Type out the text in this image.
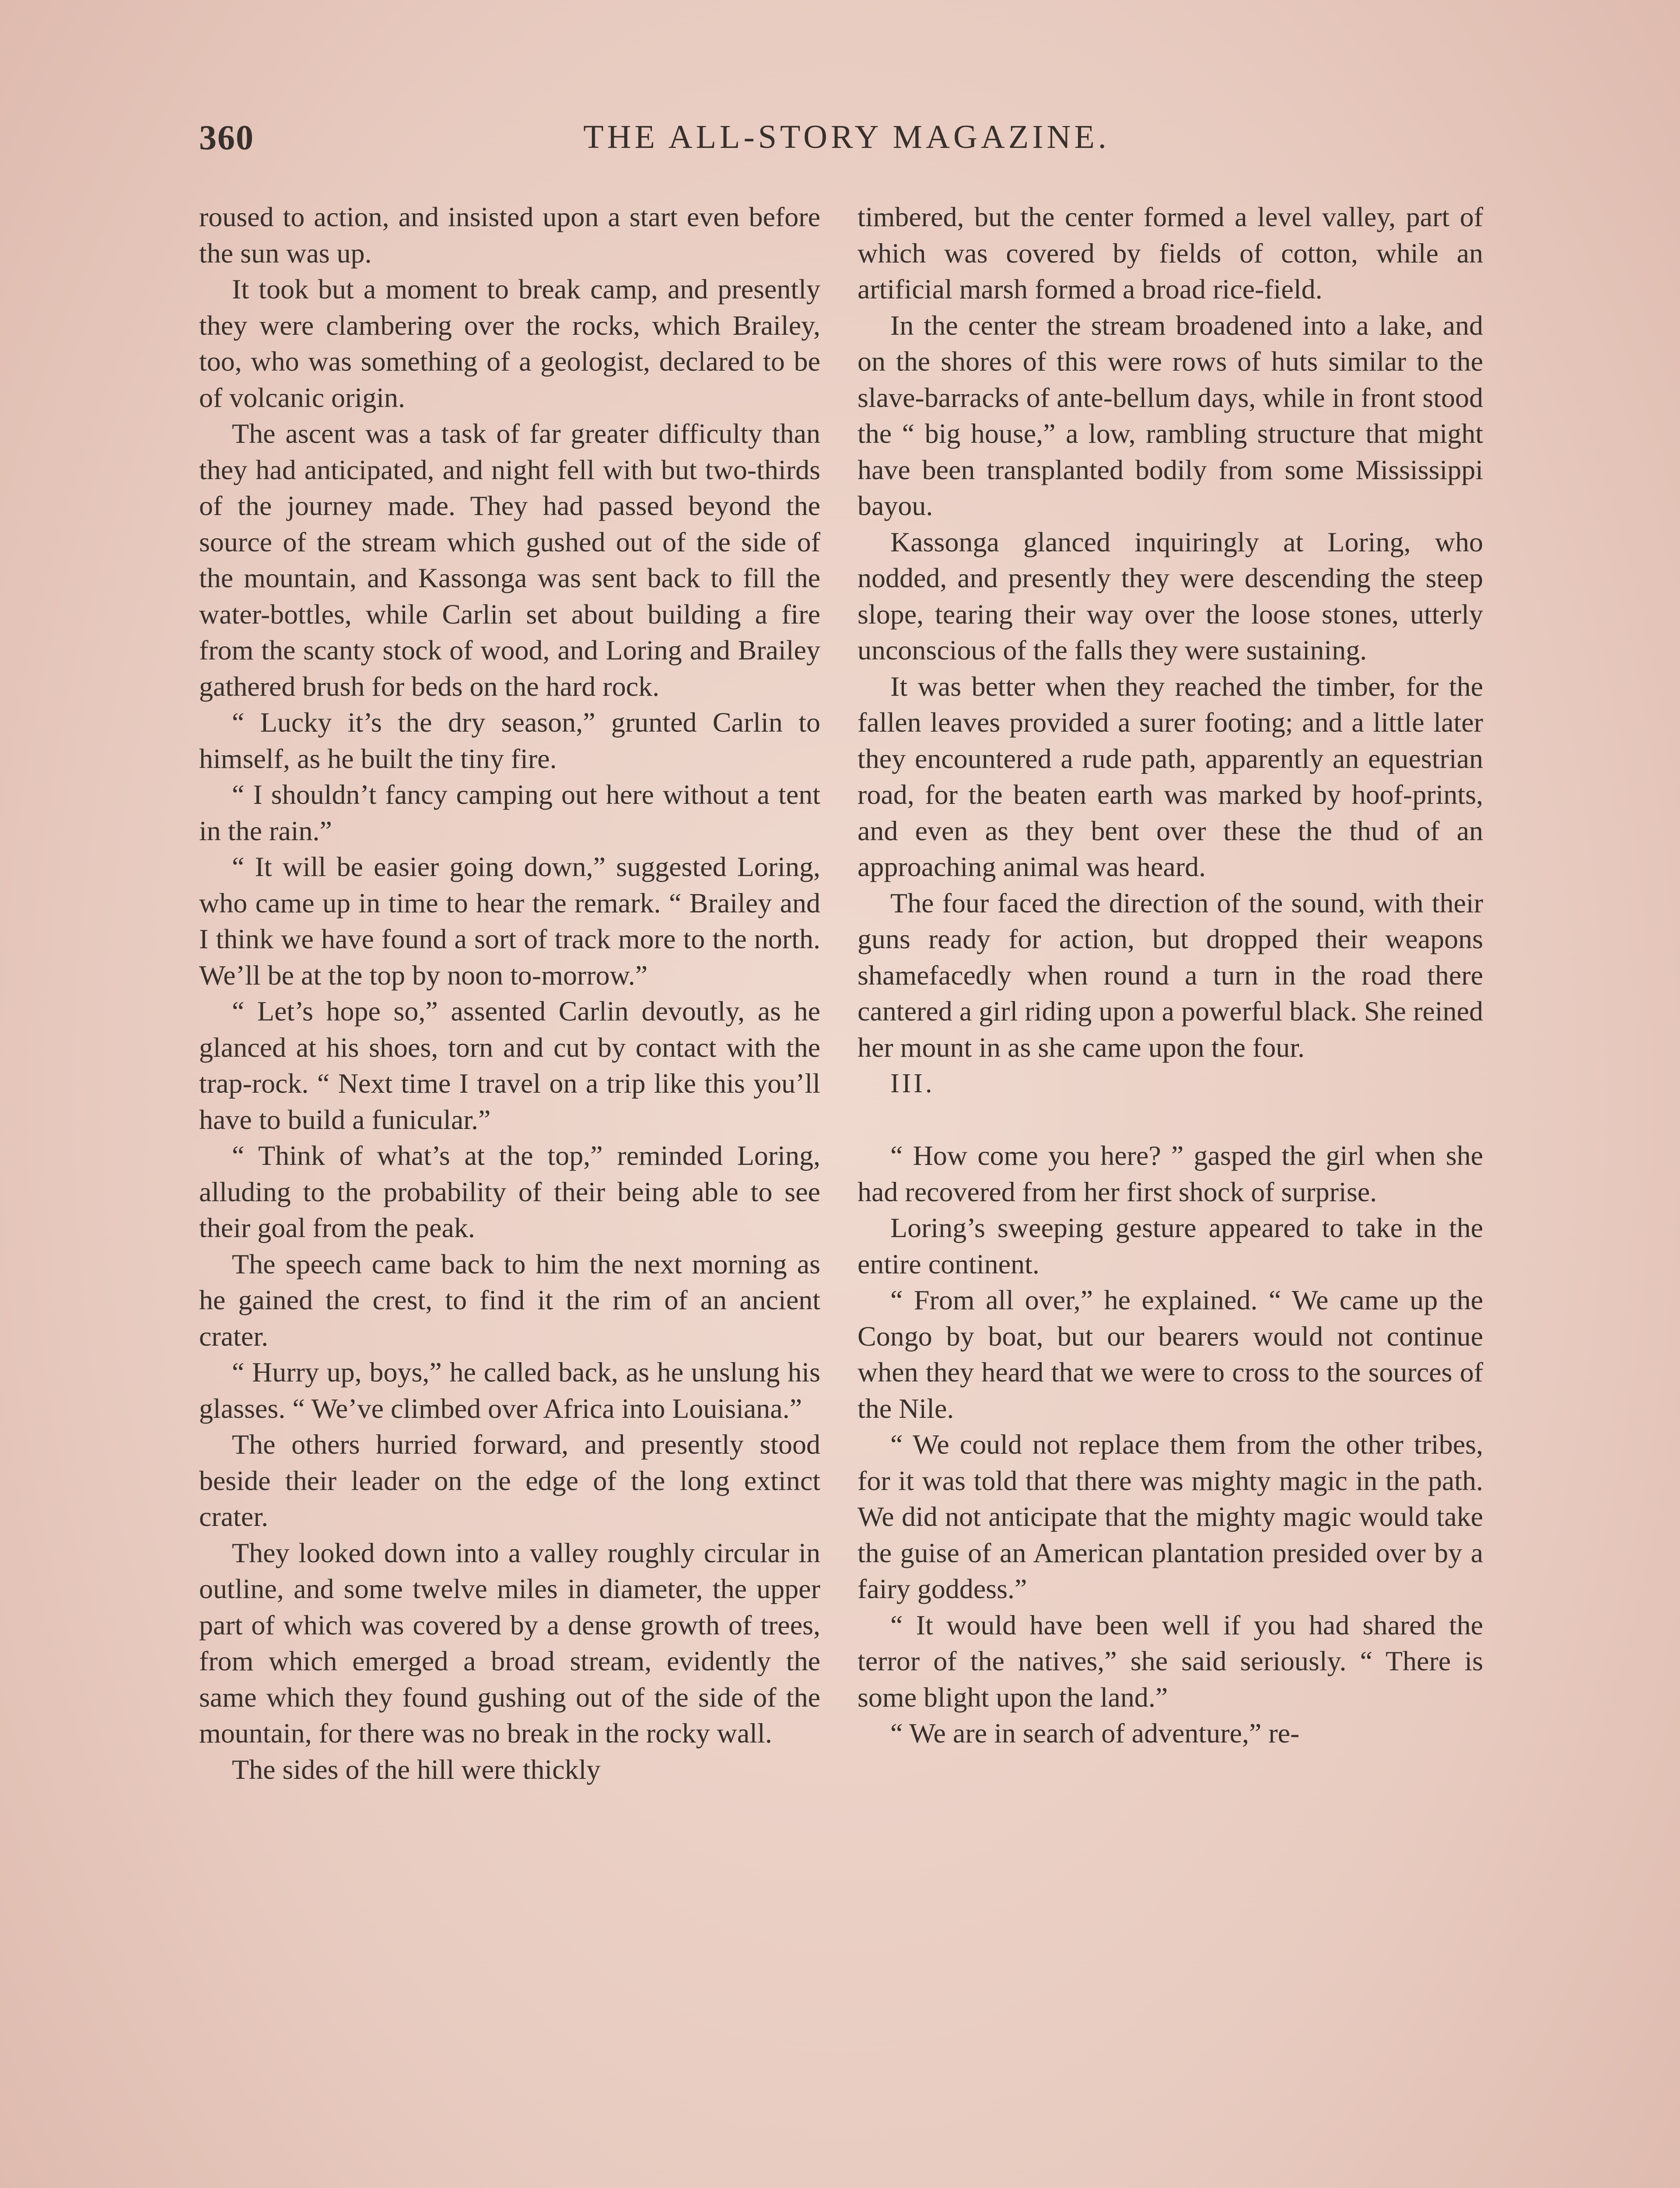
360	THE ALL-STORY MAGAZINE.

roused to action, and insisted upon a start even before the sun was up.

It took but a moment to break camp, and presently they were clambering over the rocks, which Brailey, too, who was something of a geologist, declared to be of volcanic origin.

The ascent was a task of far greater difficulty than they had anticipated, and night fell with but two-thirds of the journey made. They had passed beyond the source of the stream which gushed out of the side of the mountain, and Kassonga was sent back to fill the water-bottles, while Carlin set about building a fire from the scanty stock of wood, and Loring and Brailey gathered brush for beds on the hard rock.

“ Lucky it’s the dry season,” grunted Carlin to himself, as he built the tiny fire.

“ I shouldn’t fancy camping out here without a tent in the rain.”

“ It will be easier going down,” suggested Loring, who came up in time to hear the remark. “ Brailey and I think we have found a sort of track more to the north. We’ll be at the top by noon to-morrow.”

“ Let’s hope so,” assented Carlin devoutly, as he glanced at his shoes, torn and cut by contact with the trap-rock. “ Next time I travel on a trip like this you’ll have to build a funicular.”

“ Think of what’s at the top,” reminded Loring, alluding to the probability of their being able to see their goal from the peak.

The speech came back to him the next morning as he gained the crest, to find it the rim of an ancient crater.

“ Hurry up, boys,” he called back, as he unslung his glasses. “ We’ve climbed over Africa into Louisiana.”

The others hurried forward, and presently stood beside their leader on the edge of the long extinct crater.

They looked down into a valley roughly circular in outline, and some twelve miles in diameter, the upper part of which was covered by a dense growth of trees, from which emerged a broad stream, evidently the same which they found gushing out of the side of the mountain, for there was no break in the rocky wall.

The sides of the hill were thickly

timbered, but the center formed a level valley, part of which was covered by fields of cotton, while an artificial marsh formed a broad rice-field.

In the center the stream broadened into a lake, and on the shores of this were rows of huts similar to the slave-barracks of ante-bellum days, while in front stood the “ big house,” a low, rambling structure that might have been transplanted bodily from some Mississippi bayou.

Kassonga glanced inquiringly at Loring, who nodded, and presently they were descending the steep slope, tearing their way over the loose stones, utterly unconscious of the falls they were sustaining.

It was better when they reached the timber, for the fallen leaves provided a surer footing; and a little later they encountered a rude path, apparently an equestrian road, for the beaten earth was marked by hoof-prints, and even as they bent over these the thud of an approaching animal was heard.

The four faced the direction of the sound, with their guns ready for action, but dropped their weapons shamefacedly when round a turn in the road there cantered a girl riding upon a powerful black. She reined her mount in as she came upon the four.

III.

“ How come you here? ” gasped the girl when she had recovered from her first shock of surprise.

Loring’s sweeping gesture appeared to take in the entire continent.

“ From all over,” he explained. “ We came up the Congo by boat, but our bearers would not continue when they heard that we were to cross to the sources of the Nile.

“ We could not replace them from the other tribes, for it was told that there was mighty magic in the path. We did not anticipate that the mighty magic would take the guise of an American plantation presided over by a fairy goddess.”

“ It would have been well if you had shared the terror of the natives,” she said seriously. “ There is some blight upon the land.”

“ We are in search of adventure,” re-
